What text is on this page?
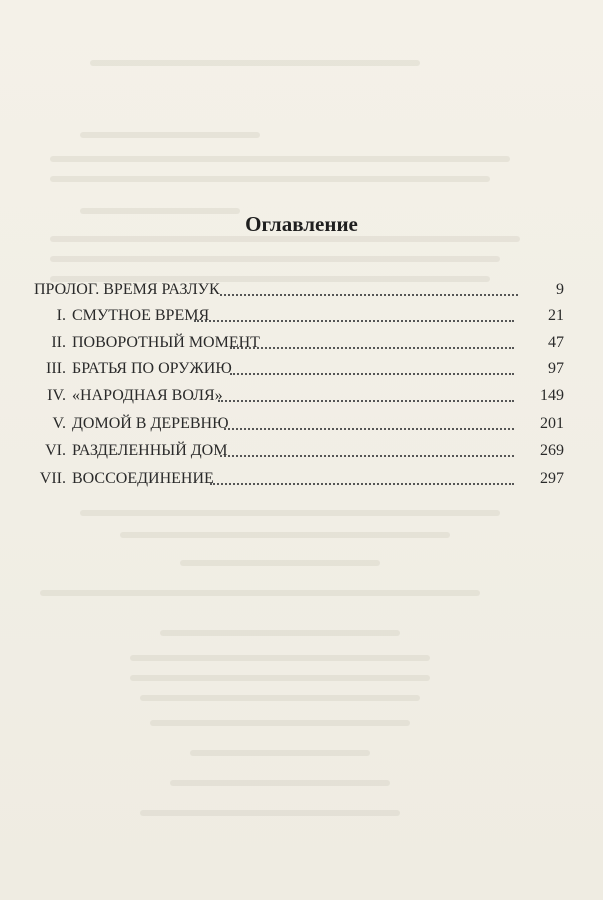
Оглавление
ПРОЛОГ. ВРЕМЯ РАЗЛУК	9
I. СМУТНОЕ ВРЕМЯ	21
II. ПОВОРОТНЫЙ МОМЕНТ	47
III. БРАТЬЯ ПО ОРУЖИЮ	97
IV. «НАРОДНАЯ ВОЛЯ»	149
V. ДОМОЙ В ДЕРЕВНЮ	201
VI. РАЗДЕЛЕННЫЙ ДОМ	269
VII. ВОССОЕДИНЕНИЕ	297
